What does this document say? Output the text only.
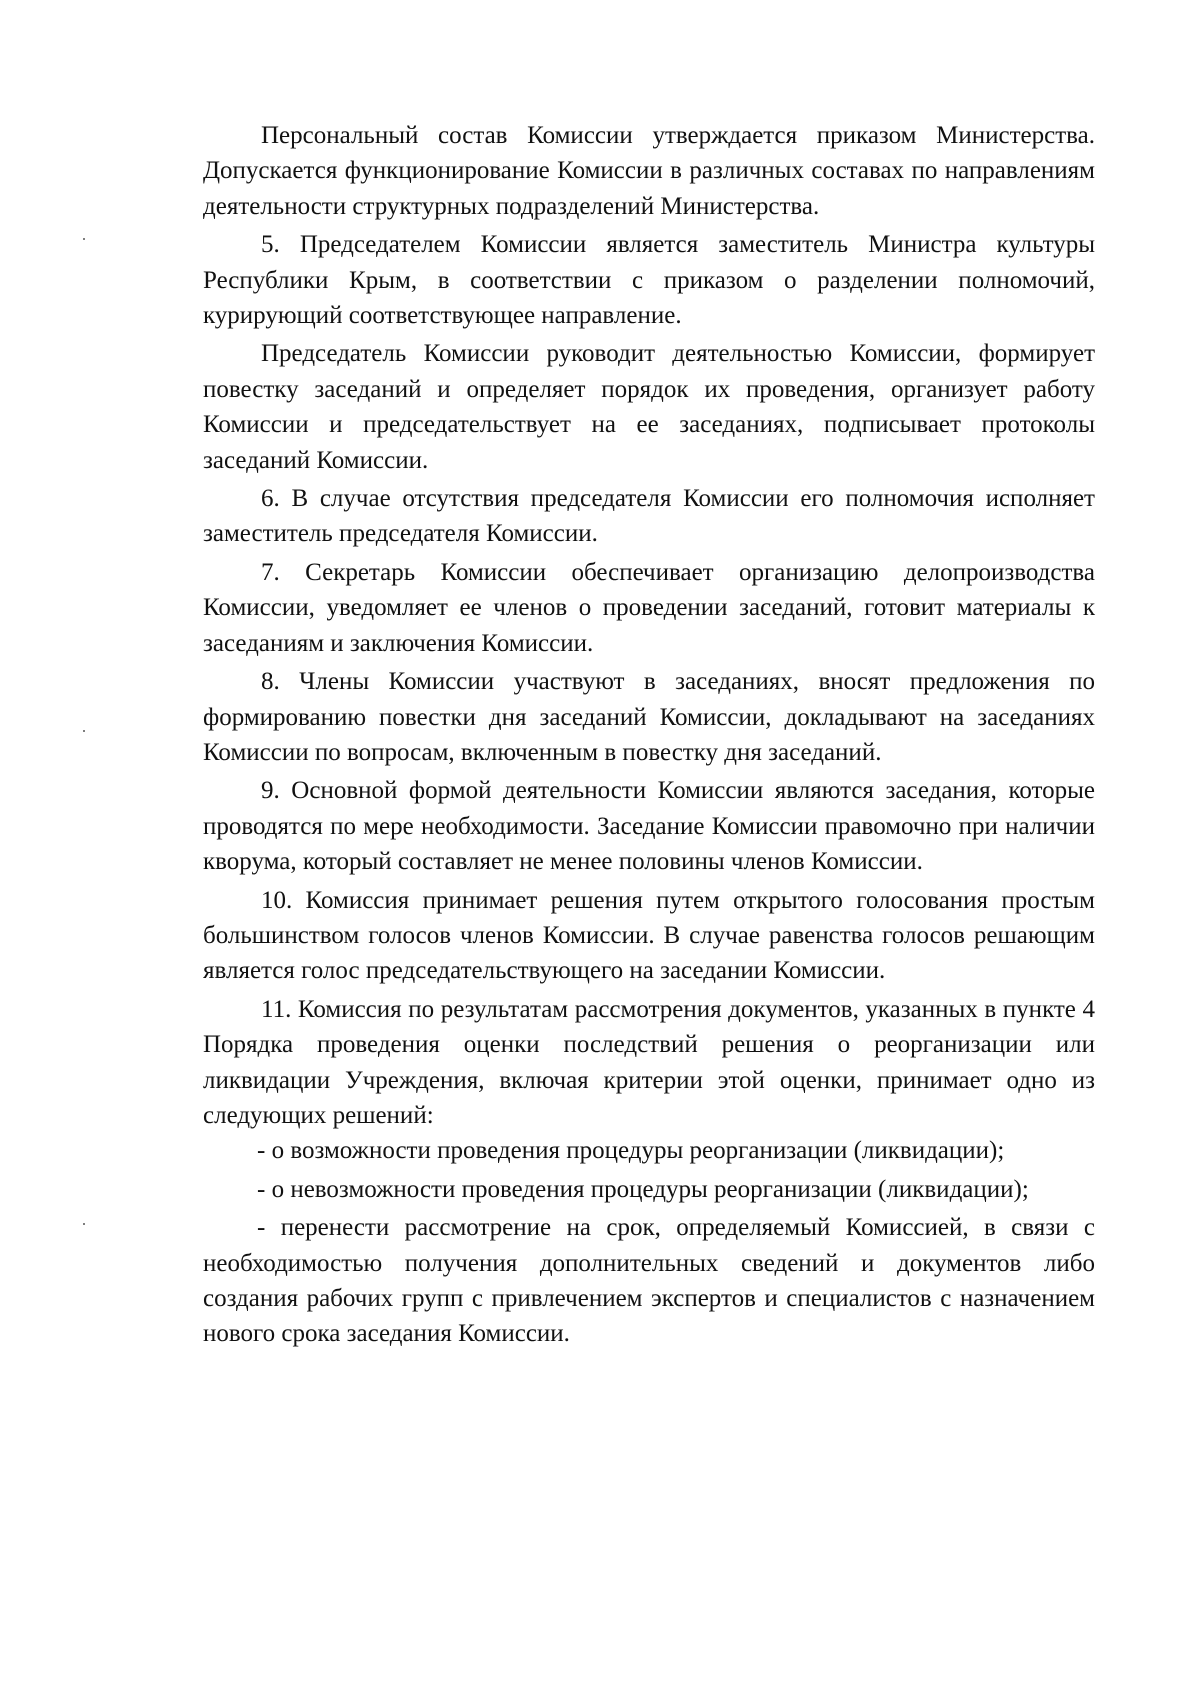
Персональный состав Комиссии утверждается приказом Министерства. Допускается функционирование Комиссии в различных составах по направлениям деятельности структурных подразделений Министерства.

5. Председателем Комиссии является заместитель Министра культуры Республики Крым, в соответствии с приказом о разделении полномочий, курирующий соответствующее направление.

Председатель Комиссии руководит деятельностью Комиссии, формирует повестку заседаний и определяет порядок их проведения, организует работу Комиссии и председательствует на ее заседаниях, подписывает протоколы заседаний Комиссии.

6. В случае отсутствия председателя Комиссии его полномочия исполняет заместитель председателя Комиссии.

7. Секретарь Комиссии обеспечивает организацию делопроизводства Комиссии, уведомляет ее членов о проведении заседаний, готовит материалы к заседаниям и заключения Комиссии.

8. Члены Комиссии участвуют в заседаниях, вносят предложения по формированию повестки дня заседаний Комиссии, докладывают на заседаниях Комиссии по вопросам, включенным в повестку дня заседаний.

9. Основной формой деятельности Комиссии являются заседания, которые проводятся по мере необходимости. Заседание Комиссии правомочно при наличии кворума, который составляет не менее половины членов Комиссии.

10. Комиссия принимает решения путем открытого голосования простым большинством голосов членов Комиссии. В случае равенства голосов решающим является голос председательствующего на заседании Комиссии.

11. Комиссия по результатам рассмотрения документов, указанных в пункте 4 Порядка проведения оценки последствий решения о реорганизации или ликвидации Учреждения, включая критерии этой оценки, принимает одно из следующих решений:

- о возможности проведения процедуры реорганизации (ликвидации);

- о невозможности проведения процедуры реорганизации (ликвидации);

- перенести рассмотрение на срок, определяемый Комиссией, в связи с необходимостью получения дополнительных сведений и документов либо создания рабочих групп с привлечением экспертов и специалистов с назначением нового срока заседания Комиссии.
